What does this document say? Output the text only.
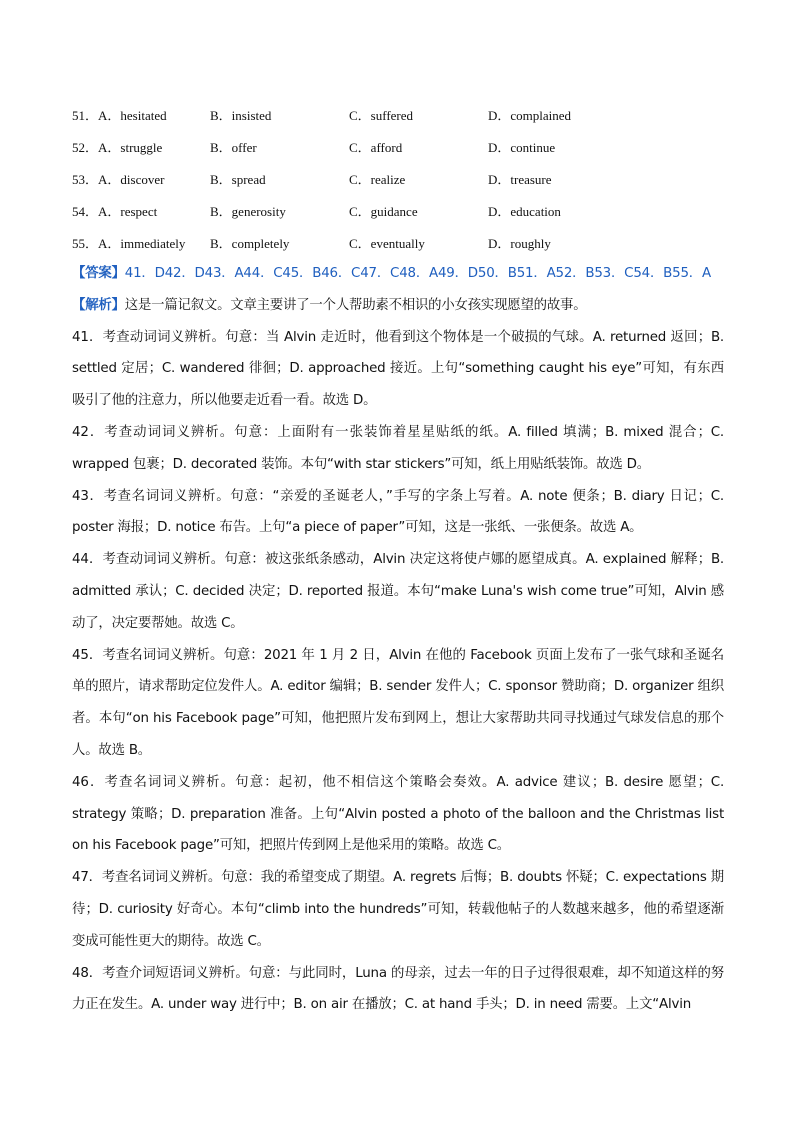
51．A．hesitated	B．insisted	C．suffered	D．complained
52．A．struggle	B．offer	C．afford	D．continue
53．A．discover	B．spread	C．realize	D．treasure
54．A．respect	B．generosity	C．guidance	D．education
55．A．immediately	B．completely	C．eventually	D．roughly

【答案】41．D42．D43．A44．C45．B46．C47．C48．A49．D50．B51．A52．B53．C54．B55．A

【解析】这是一篇记叙文。文章主要讲了一个人帮助素不相识的小女孩实现愿望的故事。

41．考查动词词义辨析。句意：当 Alvin 走近时，他看到这个物体是一个破损的气球。A. returned 返回；B. settled 定居；C. wandered 徘徊；D. approached 接近。上句“something caught his eye”可知，有东西吸引了他的注意力，所以他要走近看一看。故选 D。

42．考查动词词义辨析。句意：上面附有一张装饰着星星贴纸的纸。A. filled 填满；B. mixed 混合；C. wrapped 包裹；D. decorated 装饰。本句“with star stickers”可知，纸上用贴纸装饰。故选 D。

43．考查名词词义辨析。句意：“亲爱的圣诞老人，”手写的字条上写着。A. note 便条；B. diary 日记；C. poster 海报；D. notice 布告。上句“a piece of paper”可知，这是一张纸、一张便条。故选 A。

44．考查动词词义辨析。句意：被这张纸条感动，Alvin 决定这将使卢娜的愿望成真。A. explained 解释；B. admitted 承认；C. decided 决定；D. reported 报道。本句“make Luna's wish come true”可知，Alvin 感动了，决定要帮她。故选 C。

45．考查名词词义辨析。句意：2021 年 1 月 2 日，Alvin 在他的 Facebook 页面上发布了一张气球和圣诞名单的照片，请求帮助定位发件人。A. editor 编辑；B. sender 发件人；C. sponsor 赞助商；D. organizer 组织者。本句“on his Facebook page”可知，他把照片发布到网上，想让大家帮助共同寻找通过气球发信息的那个人。故选 B。

46．考查名词词义辨析。句意：起初，他不相信这个策略会奏效。A. advice 建议；B. desire 愿望；C. strategy 策略；D. preparation 准备。上句“Alvin posted a photo of the balloon and the Christmas list on his Facebook page”可知，把照片传到网上是他采用的策略。故选 C。

47．考查名词词义辨析。句意：我的希望变成了期望。A. regrets 后悔；B. doubts 怀疑；C. expectations 期待；D. curiosity 好奇心。本句“climb into the hundreds”可知，转载他帖子的人数越来越多，他的希望逐渐变成可能性更大的期待。故选 C。

48．考查介词短语词义辨析。句意：与此同时，Luna 的母亲，过去一年的日子过得很艰难，却不知道这样的努力正在发生。A. under way 进行中；B. on air 在播放；C. at hand 手头；D. in need 需要。上文“Alvin
